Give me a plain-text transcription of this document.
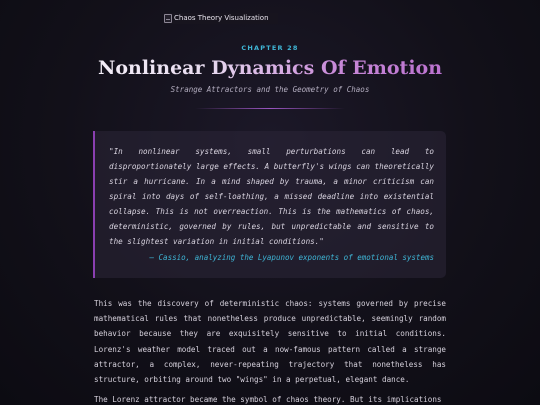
Chaos Theory Visualization
CHAPTER 28
Nonlinear Dynamics Of Emotion
Strange Attractors and the Geometry of Chaos

"In nonlinear systems, small perturbations can lead to disproportionately large effects. A butterfly's wings can theoretically stir a hurricane. In a mind shaped by trauma, a minor criticism can spiral into days of self-loathing, a missed deadline into existential collapse. This is not overreaction. This is the mathematics of chaos, deterministic, governed by rules, but unpredictable and sensitive to the slightest variation in initial conditions."

— Cassio, analyzing the Lyapunov exponents of emotional systems

This was the discovery of deterministic chaos: systems governed by precise mathematical rules that nonetheless produce unpredictable, seemingly random behavior because they are exquisitely sensitive to initial conditions. Lorenz's weather model traced out a now-famous pattern called a strange attractor, a complex, never-repeating trajectory that nonetheless has structure, orbiting around two "wings" in a perpetual, elegant dance.

The Lorenz attractor became the symbol of chaos theory. But its implications
